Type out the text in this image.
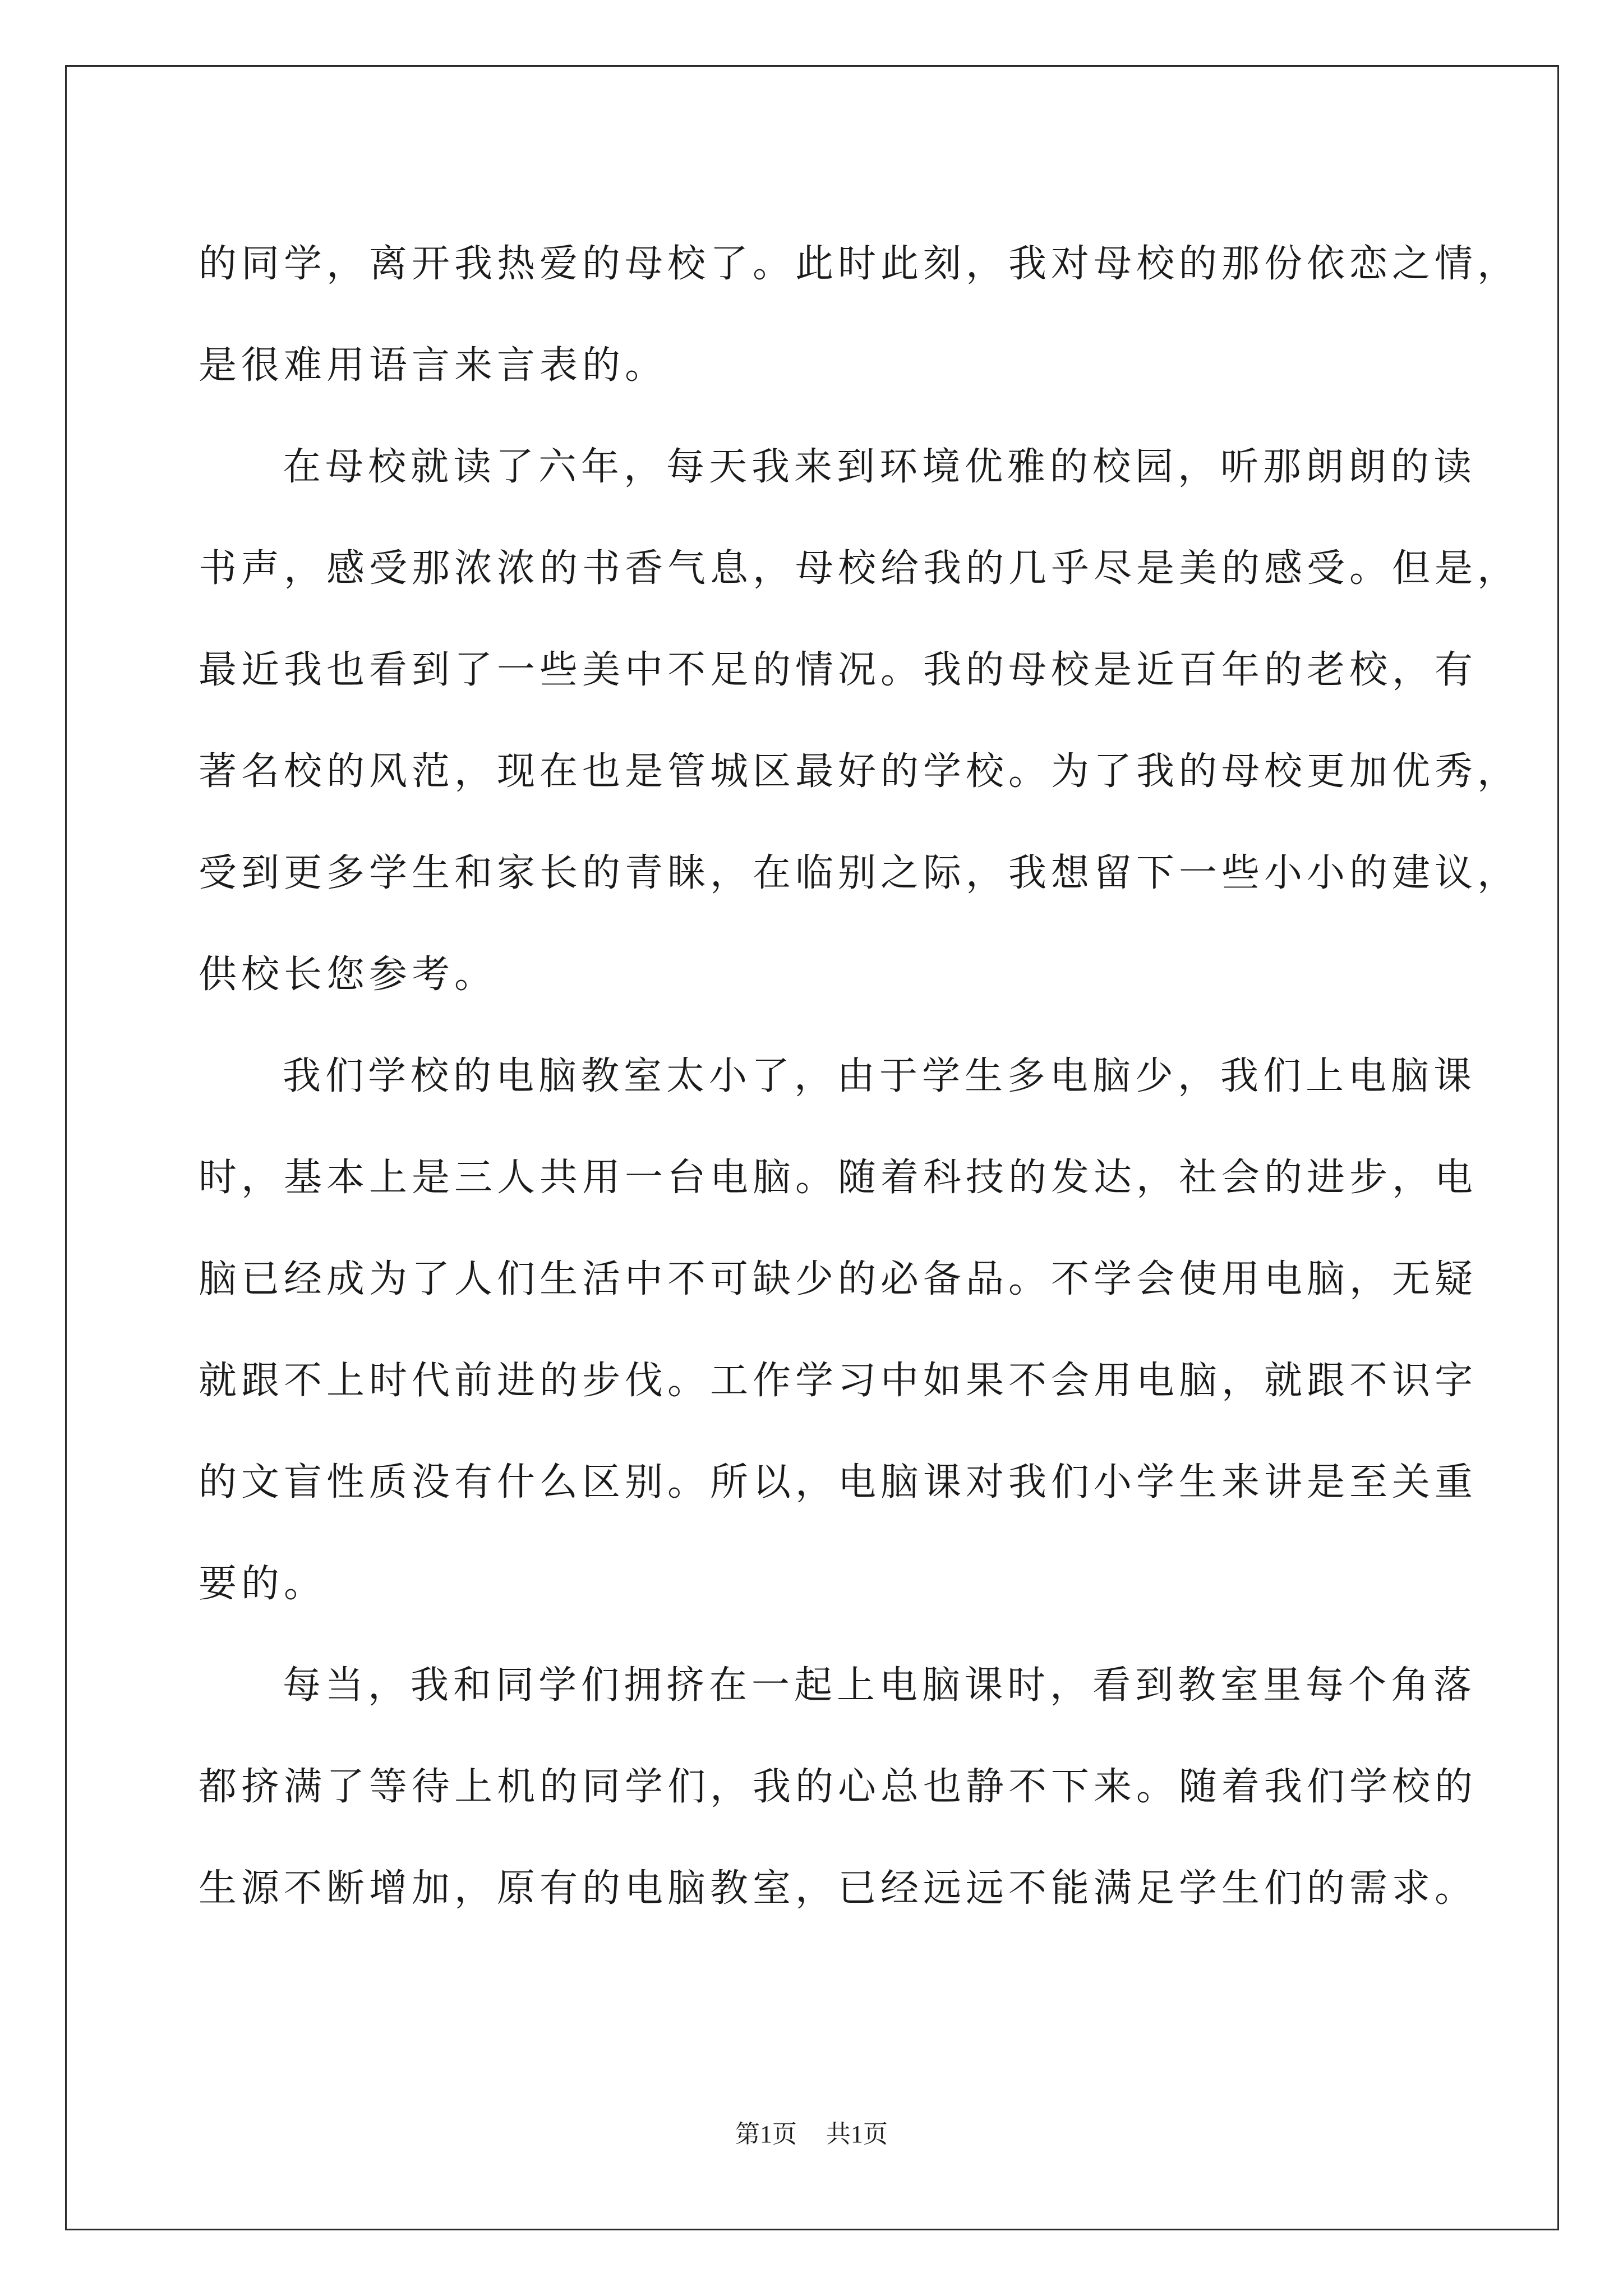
的同学，离开我热爱的母校了。此时此刻，我对母校的那份依恋之情，
是很难用语言来言表的。
在母校就读了六年，每天我来到环境优雅的校园，听那朗朗的读
书声，感受那浓浓的书香气息，母校给我的几乎尽是美的感受。但是，
最近我也看到了一些美中不足的情况。我的母校是近百年的老校，有
著名校的风范，现在也是管城区最好的学校。为了我的母校更加优秀，
受到更多学生和家长的青睐，在临别之际，我想留下一些小小的建议，
供校长您参考。
我们学校的电脑教室太小了，由于学生多电脑少，我们上电脑课
时，基本上是三人共用一台电脑。随着科技的发达，社会的进步，电
脑已经成为了人们生活中不可缺少的必备品。不学会使用电脑，无疑
就跟不上时代前进的步伐。工作学习中如果不会用电脑，就跟不识字
的文盲性质没有什么区别。所以，电脑课对我们小学生来讲是至关重
要的。
每当，我和同学们拥挤在一起上电脑课时，看到教室里每个角落
都挤满了等待上机的同学们，我的心总也静不下来。随着我们学校的
生源不断增加，原有的电脑教室，已经远远不能满足学生们的需求。
第1页 共1页
